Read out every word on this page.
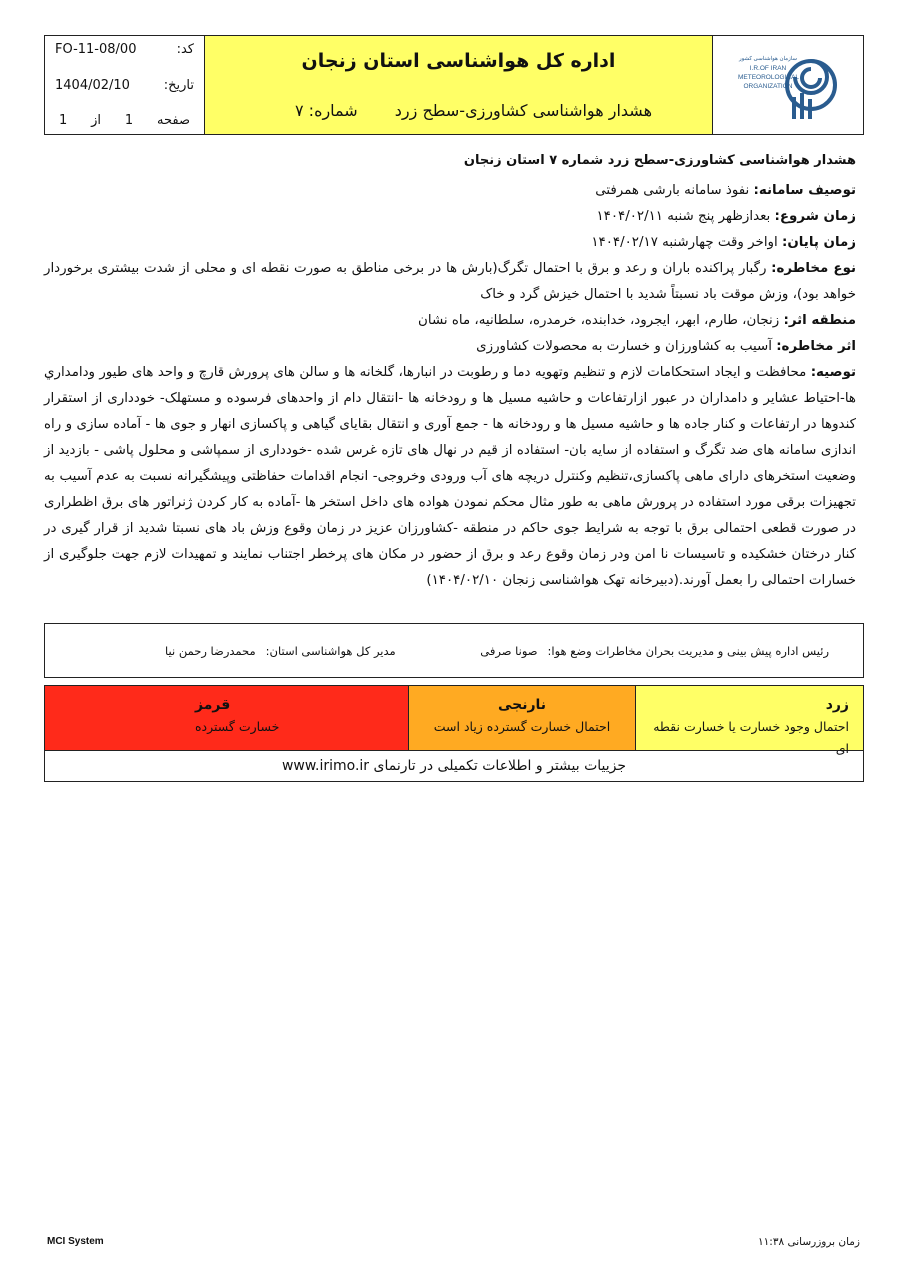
کد:
FO-11-08/00
تاریخ:
1404/02/10
صفحه
1
از
1
اداره کل هواشناسی استان زنجان
هشدار هواشناسی کشاورزی-سطح زرد
شماره: ۷
سازمان هواشناسی کشور
I.R.OF IRAN
METEOROLOGICAL
ORGANIZATION

هشدار هواشناسی کشاورزی-سطح زرد شماره ۷ استان زنجان

توصیف سامانه: نفوذ سامانه بارشی همرفتی

زمان شروع: بعدازظهر پنج شنبه ۱۴۰۴/۰۲/۱۱

زمان پایان: اواخر وقت چهارشنبه ۱۴۰۴/۰۲/۱۷

نوع مخاطره: رگبار پراکنده باران و رعد و برق با احتمال تگرگ(بارش ها در برخی مناطق به صورت نقطه ای و محلی از شدت بیشتری برخوردار خواهد بود)، وزش موقت باد نسبتاً شدید با احتمال خیزش گرد و خاک

منطقه اثر: زنجان، طارم، ابهر، ایجرود، خدابنده، خرمدره، سلطانیه، ماه نشان

اثر مخاطره: آسیب به کشاورزان و خسارت به محصولات کشاورزی

توصیه: محافظت و ایجاد استحکامات لازم و تنظیم وتهویه دما و رطوبت در انبارها، گلخانه ها و سالن های پرورش قارچ و واحد های طیور ودامداري ها-احتیاط عشایر و دامداران در عبور ازارتفاعات و حاشیه مسیل ها و رودخانه ها -انتقال دام از واحدهای فرسوده و مستهلک- خودداری از استقرار کندوها در ارتفاعات و کنار جاده ها و حاشیه مسیل ها و رودخانه ها - جمع آوری و انتقال بقایای گیاهی و پاکسازی انهار و جوی ها - آماده سازی و راه اندازی سامانه های ضد تگرگ و استفاده از سایه بان- استفاده از قیم در نهال های تازه غرس شده -خودداری از سمپاشی و محلول پاشی - بازدید از وضعیت استخرهای دارای ماهی پاکسازی،تنظیم وکنترل دریچه های آب ورودی وخروجی- انجام اقدامات حفاظتی وپیشگیرانه نسبت به عدم آسیب به تجهیزات برقی مورد استفاده در پرورش ماهی به طور مثال محکم نمودن هواده های داخل استخر ها -آماده به کار کردن ژنراتور های برق اظطراری در صورت قطعی احتمالی برق با توجه به شرایط جوی حاکم در منطقه -کشاورزان عزیز در زمان وقوع وزش باد های نسبتا شدید از قرار گیری در کنار درختان خشکیده و تاسیسات نا امن ودر زمان وقوع رعد و برق از حضور در مکان های پرخطر اجتناب نمایند و تمهیدات لازم جهت جلوگیری از خسارات احتمالی را بعمل آورند.(دبیرخانه تهک هواشناسی زنجان ۱۴۰۴/۰۲/۱۰)

رئیس اداره پیش بینی و مدیریت بحران مخاطرات وضع هوا:صونا صرفی
مدیر کل هواشناسی استان:محمدرضا رحمن نیا
زرد
احتمال وجود خسارت یا خسارت نقطه ای
نارنجی
احتمال خسارت گسترده زیاد است
قرمز
خسارت گسترده
جزییات بیشتر و اطلاعات تکمیلی در تارنمای www.irimo.ir
MCI System	زمان بروزرسانی ۱۱:۳۸
